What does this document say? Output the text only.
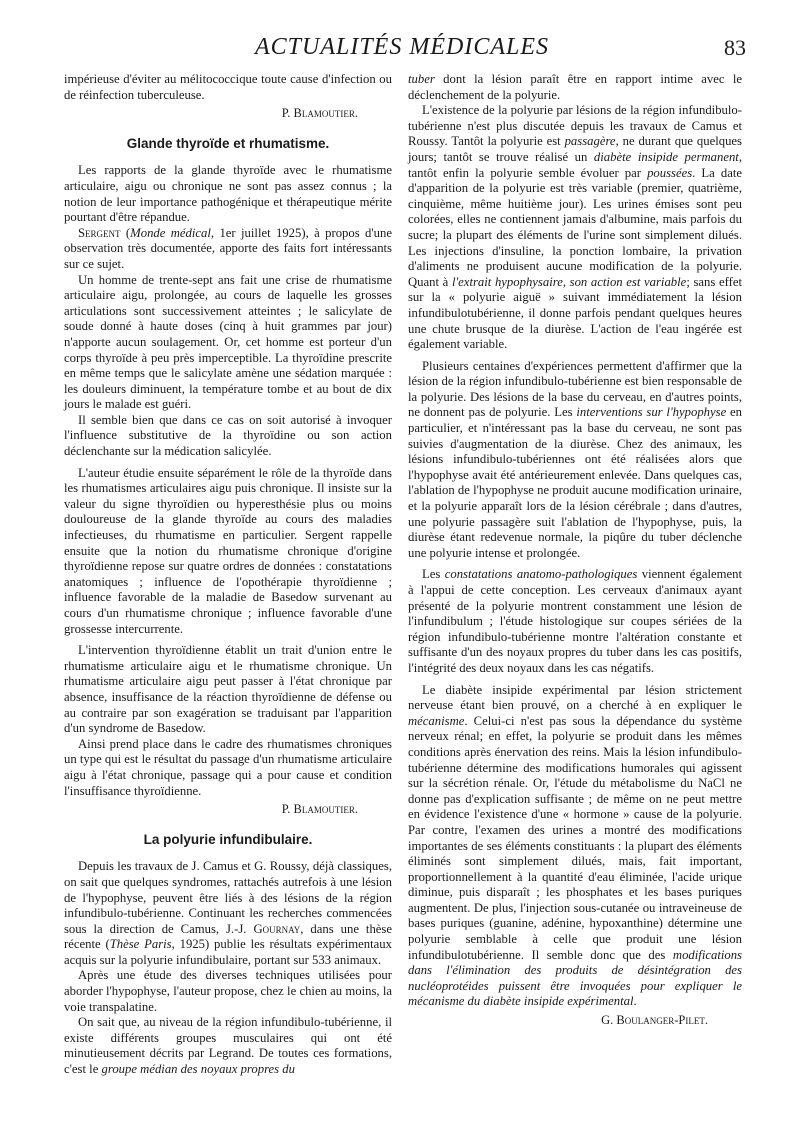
ACTUALITÉS MÉDICALES	83

impérieuse d'éviter au mélitococcique toute cause d'infection ou de réinfection tuberculeuse.

P. Blamoutier.

Glande thyroïde et rhumatisme.

Les rapports de la glande thyroïde avec le rhumatisme articulaire, aigu ou chronique ne sont pas assez connus ; la notion de leur importance pathogénique et thérapeutique mérite pourtant d'être répandue.

Sergent (Monde médical, 1er juillet 1925), à propos d'une observation très documentée, apporte des faits fort intéressants sur ce sujet.

Un homme de trente-sept ans fait une crise de rhumatisme articulaire aigu, prolongée, au cours de laquelle les grosses articulations sont successivement atteintes ; le salicylate de soude donné à haute doses (cinq à huit grammes par jour) n'apporte aucun soulagement. Or, cet homme est porteur d'un corps thyroïde à peu près imperceptible. La thyroïdine prescrite en même temps que le salicylate amène une sédation marquée : les douleurs diminuent, la température tombe et au bout de dix jours le malade est guéri.

Il semble bien que dans ce cas on soit autorisé à invoquer l'influence substitutive de la thyroïdine ou son action déclenchante sur la médication salicylée.

L'auteur étudie ensuite séparément le rôle de la thyroïde dans les rhumatismes articulaires aigu puis chronique. Il insiste sur la valeur du signe thyroïdien ou hyperesthésie plus ou moins douloureuse de la glande thyroïde au cours des maladies infectieuses, du rhumatisme en particulier. Sergent rappelle ensuite que la notion du rhumatisme chronique d'origine thyroïdienne repose sur quatre ordres de données : constatations anatomiques ; influence de l'opothérapie thyroïdienne ; influence favorable de la maladie de Basedow survenant au cours d'un rhumatisme chronique ; influence favorable d'une grossesse intercurrente.

L'intervention thyroïdienne établit un trait d'union entre le rhumatisme articulaire aigu et le rhumatisme chronique. Un rhumatisme articulaire aigu peut passer à l'état chronique par absence, insuffisance de la réaction thyroïdienne de défense ou au contraire par son exagération se traduisant par l'apparition d'un syndrome de Basedow.

Ainsi prend place dans le cadre des rhumatismes chroniques un type qui est le résultat du passage d'un rhumatisme articulaire aigu à l'état chronique, passage qui a pour cause et condition l'insuffisance thyroïdienne.

P. Blamoutier.

La polyurie infundibulaire.

Depuis les travaux de J. Camus et G. Roussy, déjà classiques, on sait que quelques syndromes, rattachés autrefois à une lésion de l'hypophyse, peuvent être liés à des lésions de la région infundibulo-tubérienne. Continuant les recherches commencées sous la direction de Camus, J.-J. Gournay, dans une thèse récente (Thèse Paris, 1925) publie les résultats expérimentaux acquis sur la polyurie infundibulaire, portant sur 533 animaux.

Après une étude des diverses techniques utilisées pour aborder l'hypophyse, l'auteur propose, chez le chien au moins, la voie transpalatine.

On sait que, au niveau de la région infundibulo-tubérienne, il existe différents groupes musculaires qui ont été minutieusement décrits par Legrand. De toutes ces formations, c'est le groupe médian des noyaux propres du

tuber dont la lésion paraît être en rapport intime avec le déclenchement de la polyurie.

L'existence de la polyurie par lésions de la région infundibulo-tubérienne n'est plus discutée depuis les travaux de Camus et Roussy. Tantôt la polyurie est passagère, ne durant que quelques jours; tantôt se trouve réalisé un diabète insipide permanent, tantôt enfin la polyurie semble évoluer par poussées. La date d'apparition de la polyurie est très variable (premier, quatrième, cinquième, même huitième jour). Les urines émises sont peu colorées, elles ne contiennent jamais d'albumine, mais parfois du sucre; la plupart des éléments de l'urine sont simplement dilués. Les injections d'insuline, la ponction lombaire, la privation d'aliments ne produisent aucune modification de la polyurie. Quant à l'extrait hypophysaire, son action est variable; sans effet sur la « polyurie aiguë » suivant immédiatement la lésion infundibulotubérienne, il donne parfois pendant quelques heures une chute brusque de la diurèse. L'action de l'eau ingérée est également variable.

Plusieurs centaines d'expériences permettent d'affirmer que la lésion de la région infundibulo-tubérienne est bien responsable de la polyurie. Des lésions de la base du cerveau, en d'autres points, ne donnent pas de polyurie. Les interventions sur l'hypophyse en particulier, et n'intéressant pas la base du cerveau, ne sont pas suivies d'augmentation de la diurèse. Chez des animaux, les lésions infundibulo-tubériennes ont été réalisées alors que l'hypophyse avait été antérieurement enlevée. Dans quelques cas, l'ablation de l'hypophyse ne produit aucune modification urinaire, et la polyurie apparaît lors de la lésion cérébrale ; dans d'autres, une polyurie passagère suit l'ablation de l'hypophyse, puis, la diurèse étant redevenue normale, la piqûre du tuber déclenche une polyurie intense et prolongée.

Les constatations anatomo-pathologiques viennent également à l'appui de cette conception. Les cerveaux d'animaux ayant présenté de la polyurie montrent constamment une lésion de l'infundibulum ; l'étude histologique sur coupes sériées de la région infundibulo-tubérienne montre l'altération constante et suffisante d'un des noyaux propres du tuber dans les cas positifs, l'intégrité des deux noyaux dans les cas négatifs.

Le diabète insipide expérimental par lésion strictement nerveuse étant bien prouvé, on a cherché à en expliquer le mécanisme. Celui-ci n'est pas sous la dépendance du système nerveux rénal; en effet, la polyurie se produit dans les mêmes conditions après énervation des reins. Mais la lésion infundibulo-tubérienne détermine des modifications humorales qui agissent sur la sécrétion rénale. Or, l'étude du métabolisme du NaCl ne donne pas d'explication suffisante ; de même on ne peut mettre en évidence l'existence d'une « hormone » cause de la polyurie. Par contre, l'examen des urines a montré des modifications importantes de ses éléments constituants : la plupart des éléments éliminés sont simplement dilués, mais, fait important, proportionnellement à la quantité d'eau éliminée, l'acide urique diminue, puis disparaît ; les phosphates et les bases puriques augmentent. De plus, l'injection sous-cutanée ou intraveineuse de bases puriques (guanine, adénine, hypoxanthine) détermine une polyurie semblable à celle que produit une lésion infundibulotubérienne. Il semble donc que des modifications dans l'élimination des produits de désintégration des nucléoprotéides puissent être invoquées pour expliquer le mécanisme du diabète insipide expérimental.

G. Boulanger-Pilet.
